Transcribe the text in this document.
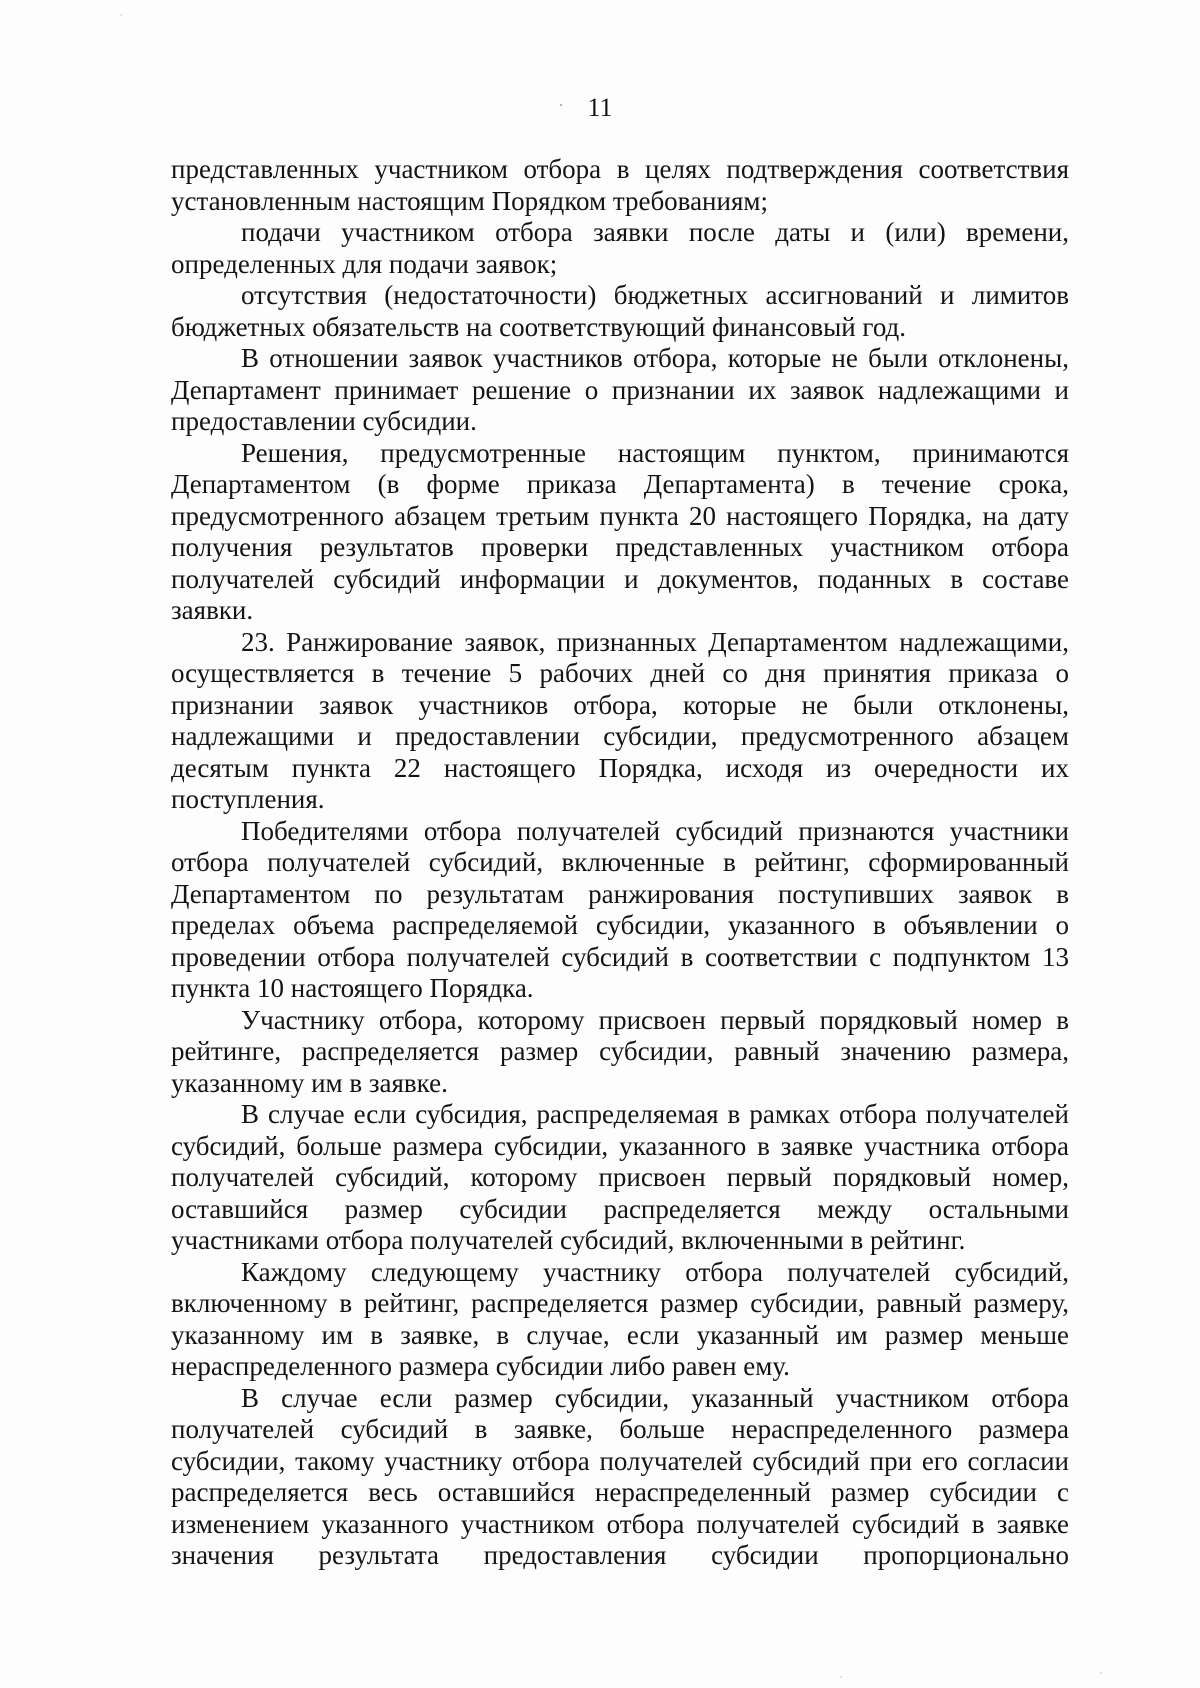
11

представленных участником отбора в целях подтверждения соответствия установленным настоящим Порядком требованиям;

подачи участником отбора заявки после даты и (или) времени, определенных для подачи заявок;

отсутствия (недостаточности) бюджетных ассигнований и лимитов бюджетных обязательств на соответствующий финансовый год.

В отношении заявок участников отбора, которые не были отклонены, Департамент принимает решение о признании их заявок надлежащими и предоставлении субсидии.

Решения, предусмотренные настоящим пунктом, принимаются Департаментом (в форме приказа Департамента) в течение срока, предусмотренного абзацем третьим пункта 20 настоящего Порядка, на дату получения результатов проверки представленных участником отбора получателей субсидий информации и документов, поданных в составе заявки.

23. Ранжирование заявок, признанных Департаментом надлежащими, осуществляется в течение 5 рабочих дней со дня принятия приказа о признании заявок участников отбора, которые не были отклонены, надлежащими и предоставлении субсидии, предусмотренного абзацем десятым пункта 22 настоящего Порядка, исходя из очередности их поступления.

Победителями отбора получателей субсидий признаются участники отбора получателей субсидий, включенные в рейтинг, сформированный Департаментом по результатам ранжирования поступивших заявок в пределах объема распределяемой субсидии, указанного в объявлении о проведении отбора получателей субсидий в соответствии с подпунктом 13 пункта 10 настоящего Порядка.

Участнику отбора, которому присвоен первый порядковый номер в рейтинге, распределяется размер субсидии, равный значению размера, указанному им в заявке.

В случае если субсидия, распределяемая в рамках отбора получателей субсидий, больше размера субсидии, указанного в заявке участника отбора получателей субсидий, которому присвоен первый порядковый номер, оставшийся размер субсидии распределяется между остальными участниками отбора получателей субсидий, включенными в рейтинг.

Каждому следующему участнику отбора получателей субсидий, включенному в рейтинг, распределяется размер субсидии, равный размеру, указанному им в заявке, в случае, если указанный им размер меньше нераспределенного размера субсидии либо равен ему.

В случае если размер субсидии, указанный участником отбора получателей субсидий в заявке, больше нераспределенного размера субсидии, такому участнику отбора получателей субсидий при его согласии распределяется весь оставшийся нераспределенный размер субсидии с изменением указанного участником отбора получателей субсидий в заявке значения результата предоставления субсидии пропорционально
